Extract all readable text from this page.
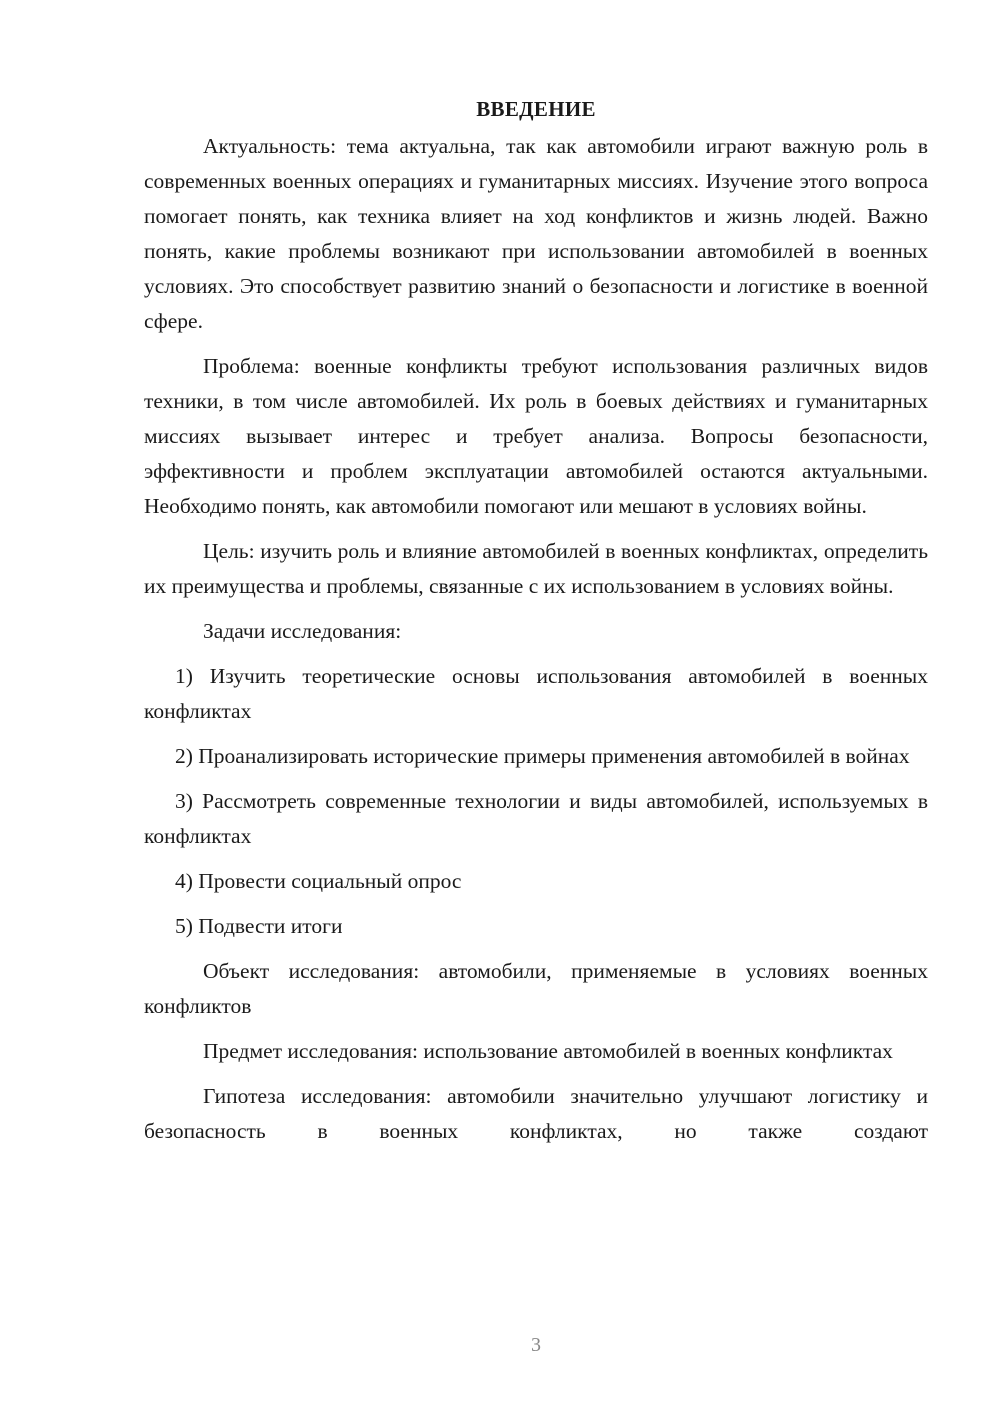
ВВЕДЕНИЕ

Актуальность: тема актуальна, так как автомобили играют важную роль в современных военных операциях и гуманитарных миссиях. Изучение этого вопроса помогает понять, как техника влияет на ход конфликтов и жизнь людей. Важно понять, какие проблемы возникают при использовании автомобилей в военных условиях. Это способствует развитию знаний о безопасности и логистике в военной сфере.

Проблема: военные конфликты требуют использования различных видов техники, в том числе автомобилей. Их роль в боевых действиях и гуманитарных миссиях вызывает интерес и требует анализа. Вопросы безопасности, эффективности и проблем эксплуатации автомобилей остаются актуальными. Необходимо понять, как автомобили помогают или мешают в условиях войны.

Цель: изучить роль и влияние автомобилей в военных конфликтах, определить их преимущества и проблемы, связанные с их использованием в условиях войны.

Задачи исследования:

1) Изучить теоретические основы использования автомобилей в военных конфликтах

2) Проанализировать исторические примеры применения автомобилей в войнах

3) Рассмотреть современные технологии и виды автомобилей, используемых в конфликтах

4) Провести социальный опрос

5) Подвести итоги

Объект исследования: автомобили, применяемые в условиях военных конфликтов

Предмет исследования: использование автомобилей в военных конфликтах

Гипотеза исследования: автомобили значительно улучшают логистику и безопасность в военных конфликтах, но также создают

3
